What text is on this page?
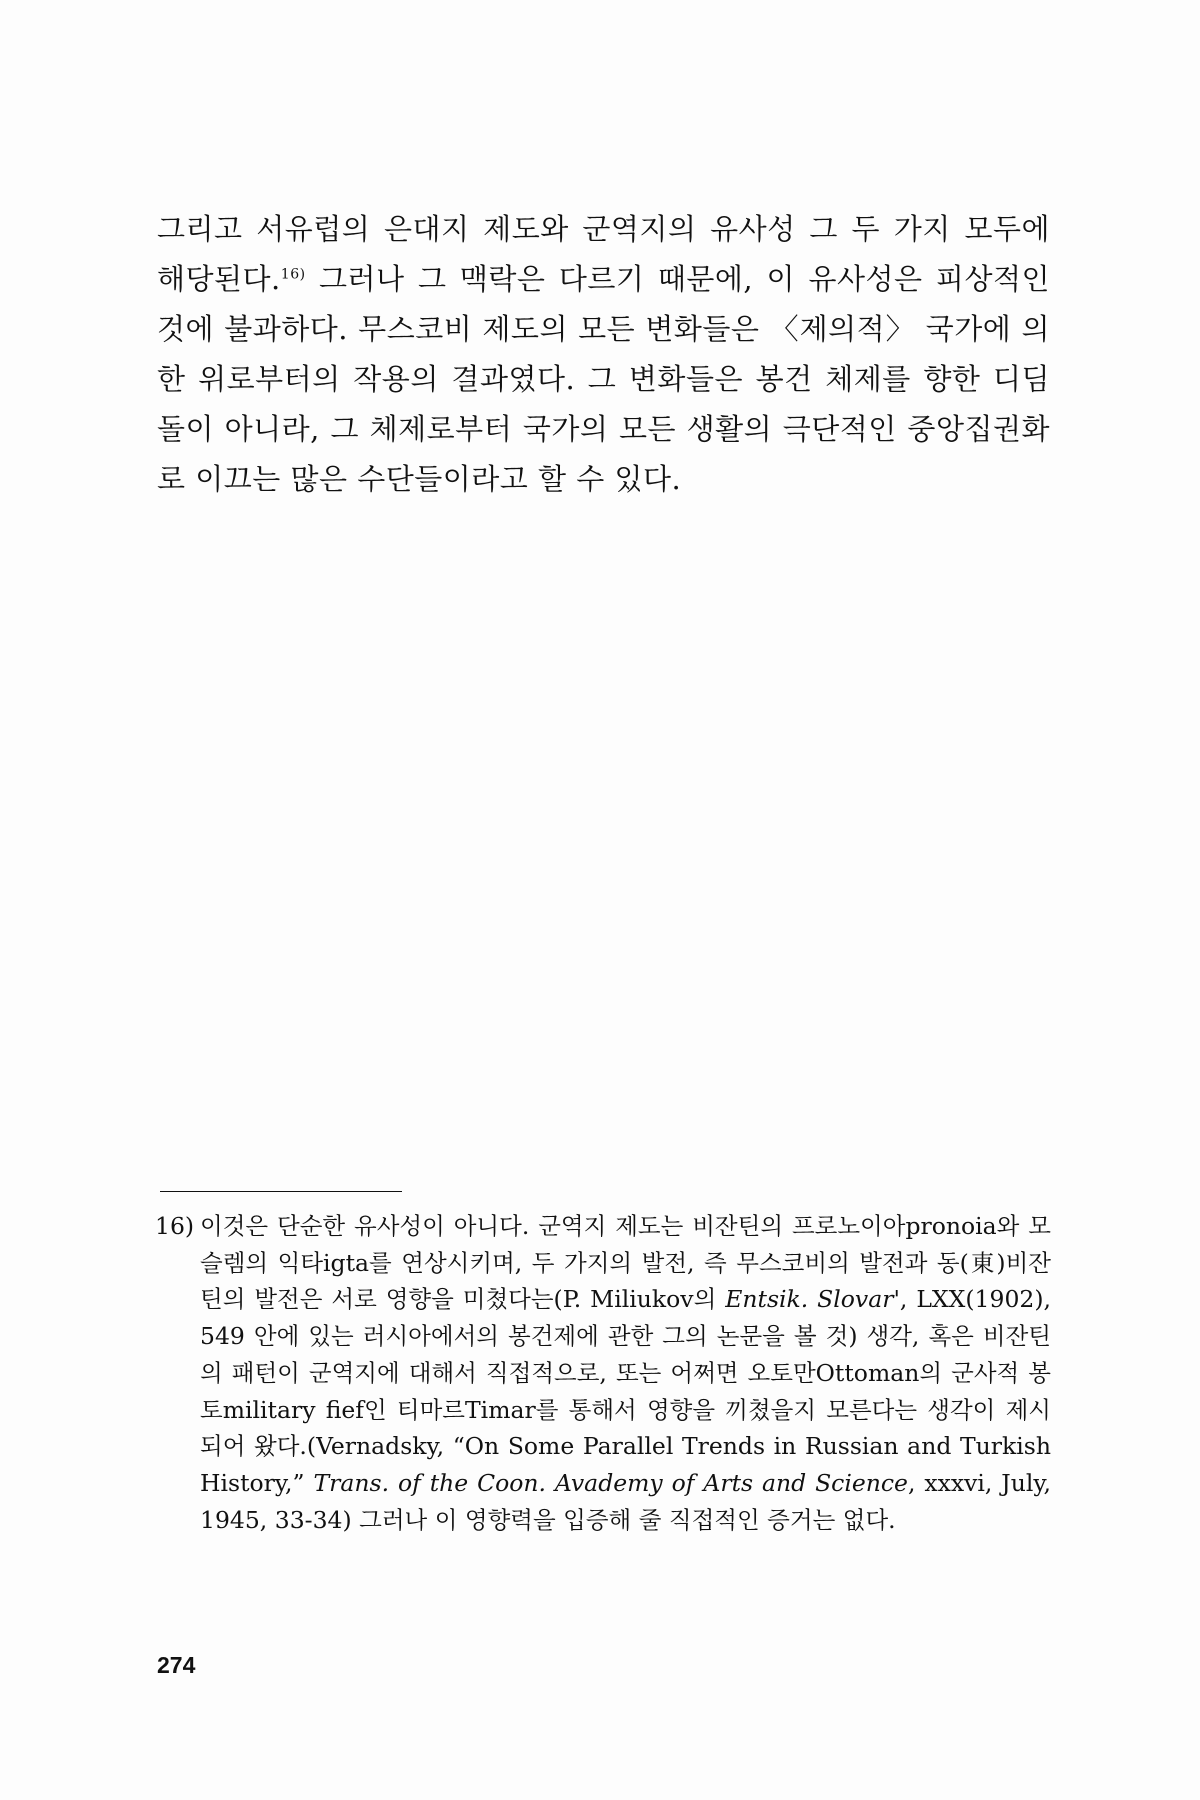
그리고 서유럽의 은대지 제도와 군역지의 유사성 그 두 가지 모두에 해당된다.$^{16)}$ 그러나 그 맥락은 다르기 때문에, 이 유사성은 피상적인 것에 불과하다. 무스코비 제도의 모든 변화들은 〈제의적〉 국가에 의한 위로부터의 작용의 결과였다. 그 변화들은 봉건 체제를 향한 디딤돌이 아니라, 그 체제로부터 국가의 모든 생활의 극단적인 중앙집권화로 이끄는 많은 수단들이라고 할 수 있다.

16) 이것은 단순한 유사성이 아니다. 군역지 제도는 비잔틴의 프로노이아pronoia와 모슬렘의 익타igta를 연상시키며, 두 가지의 발전, 즉 무스코비의 발전과 동(東)비잔틴의 발전은 서로 영향을 미쳤다는(P. Miliukov의 Entsik. Slovar', LXX(1902), 549 안에 있는 러시아에서의 봉건제에 관한 그의 논문을 볼 것) 생각, 혹은 비잔틴의 패턴이 군역지에 대해서 직접적으로, 또는 어쩌면 오토만Ottoman의 군사적 봉토military fief인 티마르Timar를 통해서 영향을 끼쳤을지 모른다는 생각이 제시되어 왔다.(Vernadsky, “On Some Parallel Trends in Russian and Turkish History,” Trans. of the Coon. Avademy of Arts and Science, xxxvi, July, 1945, 33-34) 그러나 이 영향력을 입증해 줄 직접적인 증거는 없다.
274
